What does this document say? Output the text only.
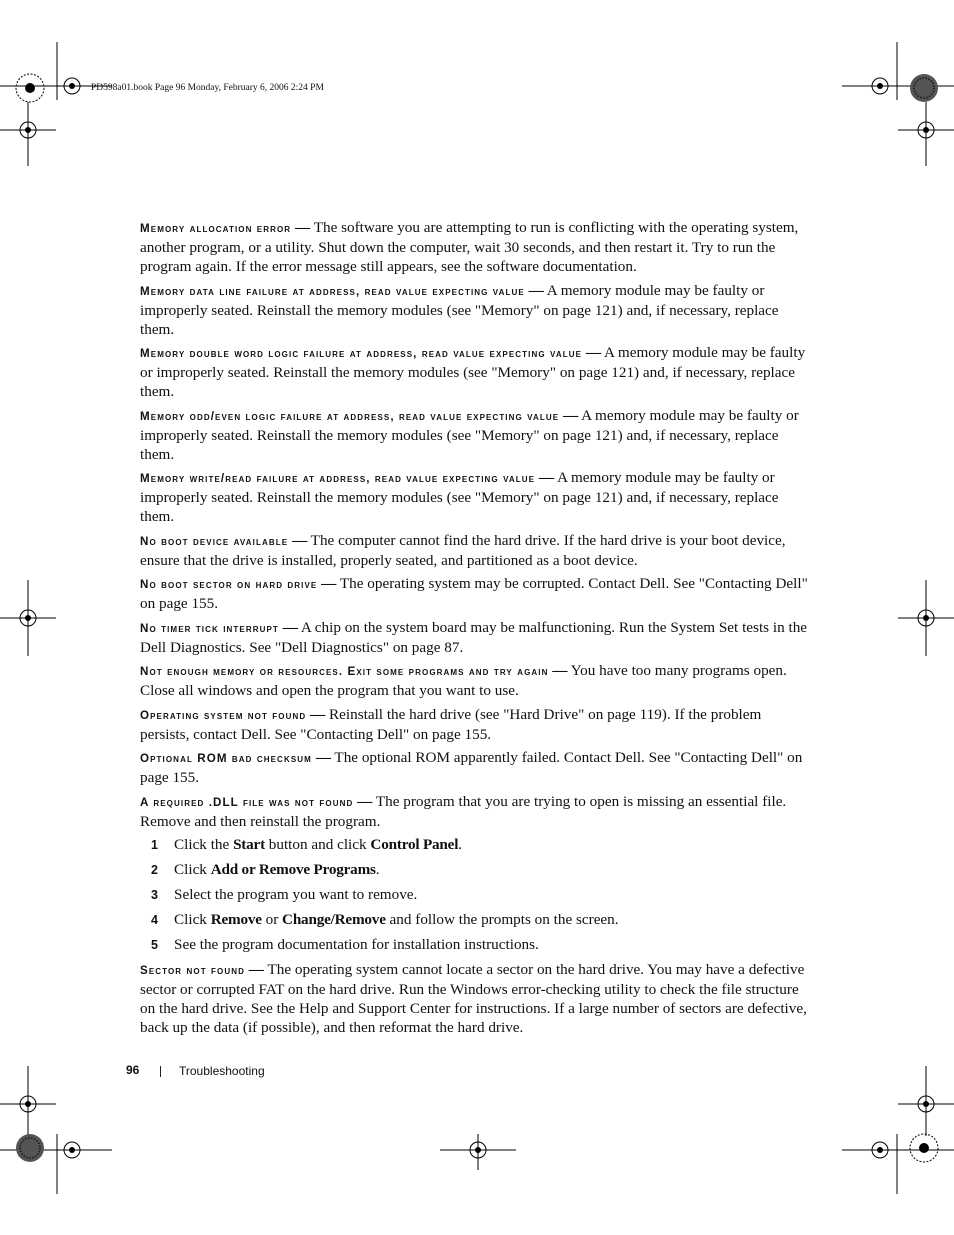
PD598a01.book Page 96 Monday, February 6, 2006 2:24 PM

Memory allocation error — The software you are attempting to run is conflicting with the operating system, another program, or a utility. Shut down the computer, wait 30 seconds, and then restart it. Try to run the program again. If the error message still appears, see the software documentation.

Memory data line failure at address, read value expecting value — A memory module may be faulty or improperly seated. Reinstall the memory modules (see "Memory" on page 121) and, if necessary, replace them.

Memory double word logic failure at address, read value expecting value — A memory module may be faulty or improperly seated. Reinstall the memory modules (see "Memory" on page 121) and, if necessary, replace them.

Memory odd/even logic failure at address, read value expecting value — A memory module may be faulty or improperly seated. Reinstall the memory modules (see "Memory" on page 121) and, if necessary, replace them.

Memory write/read failure at address, read value expecting value — A memory module may be faulty or improperly seated. Reinstall the memory modules (see "Memory" on page 121) and, if necessary, replace them.

No boot device available — The computer cannot find the hard drive. If the hard drive is your boot device, ensure that the drive is installed, properly seated, and partitioned as a boot device.

No boot sector on hard drive — The operating system may be corrupted. Contact Dell. See "Contacting Dell" on page 155.

No timer tick interrupt — A chip on the system board may be malfunctioning. Run the System Set tests in the Dell Diagnostics. See "Dell Diagnostics" on page 87.

Not enough memory or resources. Exit some programs and try again — You have too many programs open. Close all windows and open the program that you want to use.

Operating system not found — Reinstall the hard drive (see "Hard Drive" on page 119). If the problem persists, contact Dell. See "Contacting Dell" on page 155.

Optional ROM bad checksum — The optional ROM apparently failed. Contact Dell. See "Contacting Dell" on page 155.

A required .DLL file was not found — The program that you are trying to open is missing an essential file. Remove and then reinstall the program.

1 Click the Start button and click Control Panel.
2 Click Add or Remove Programs.
3 Select the program you want to remove.
4 Click Remove or Change/Remove and follow the prompts on the screen.
5 See the program documentation for installation instructions.

Sector not found — The operating system cannot locate a sector on the hard drive. You may have a defective sector or corrupted FAT on the hard drive. Run the Windows error-checking utility to check the file structure on the hard drive. See the Help and Support Center for instructions. If a large number of sectors are defective, back up the data (if possible), and then reformat the hard drive.

96	Troubleshooting
